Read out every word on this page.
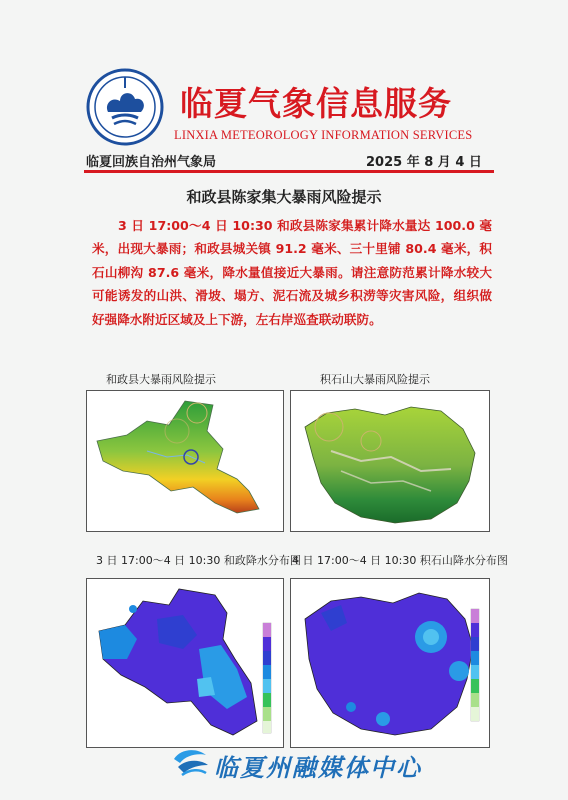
临夏气象信息服务
LINXIA METEOROLOGY INFORMATION SERVICES
临夏回族自治州气象局	2025 年 8 月 4 日
和政县陈家集大暴雨风险提示
3 日 17:00～4 日 10:30 和政县陈家集累计降水量达 100.0 毫米，出现大暴雨；和政县城关镇 91.2 毫米、三十里铺 80.4 毫米，积石山柳沟 87.6 毫米，降水量值接近大暴雨。请注意防范累计降水较大可能诱发的山洪、滑坡、塌方、泥石流及城乡积涝等灾害风险，组织做好强降水附近区域及上下游，左右岸巡查联动联防。
和政县大暴雨风险提示	积石山大暴雨风险提示
3 日 17:00～4 日 10:30 和政降水分布图
4 日 17:00～4 日 10:30 积石山降水分布图
临夏州融媒体中心
